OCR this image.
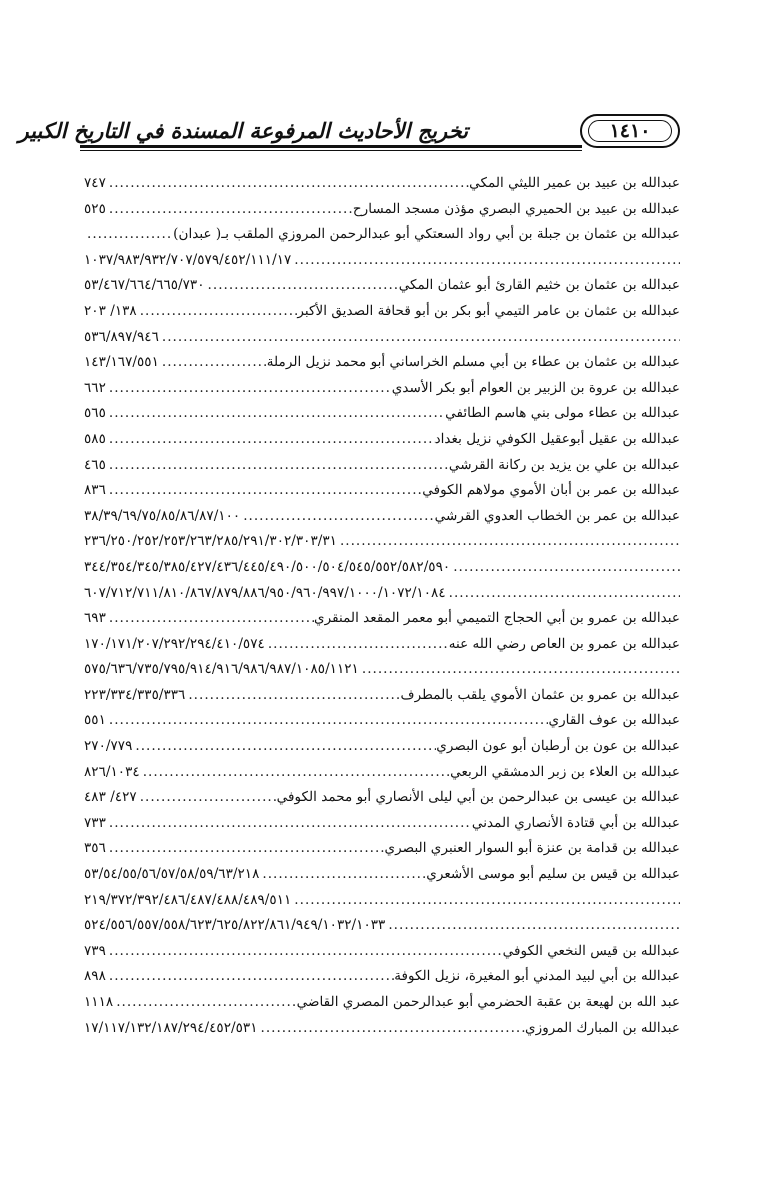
١٤١٠
تخريج الأحاديث المرفوعة المسندة في التاريخ الكبير
عبدالله بن عبيد بن عمير الليثي المكي
.....
٧٤٧
عبدالله بن عبيد بن الحميري البصري مؤذن مسجد المسارح
.....
٥٢٥
عبدالله بن عثمان بن جبلة بن أبي رواد السعتكي أبو عبدالرحمن المروزي الملقب بـ( عبدان)
.....
.....
١٠٣٧/٩٨٣/٩٣٢/٧٠٧/٥٧٩/٤٥٢/١١١/١٧
عبدالله بن عثمان بن خثيم القارئ أبو عثمان المكي
.....
٥٣/٤٦٧/٦٦٤/٦٦٥/٧٣٠
عبدالله بن عثمان بن عامر التيمي أبو بكر بن أبو قحافة الصديق الأكبر
.....
١٣٨/ ٢٠٣
.....
٥٣٦/٨٩٧/٩٤٦
عبدالله بن عثمان بن عطاء بن أبي مسلم الخراساني أبو محمد نزيل الرملة
.....
١٤٣/١٦٧/٥٥١
عبدالله بن عروة بن الزبير بن العوام أبو بكر الأسدي
.....
٦٦٢
عبدالله بن عطاء مولى بني هاسم الطائفي
.....
٥٦٥
عبدالله بن عقيل أبوعقيل الكوفي نزيل بغداد
.....
٥٨٥
عبدالله بن علي بن يزيد بن ركانة القرشي
.....
٤٦٥
عبدالله بن عمر بن أبان الأموي مولاهم الكوفي
.....
٨٣٦
عبدالله بن عمر بن الخطاب العدوي القرشي
.....
٣٨/٣٩/٦٩/٧٥/٨٥/٨٦/٨٧/١٠٠
.....
٢٣٦/٢٥٠/٢٥٢/٢٥٣/٢٦٣/٢٨٥/٢٩١/٣٠٢/٣٠٣/٣١
.....
٣٤٤/٣٥٤/٣٤٥/٣٨٥/٤٢٧/٤٣٦/٤٤٥/٤٩٠/٥٠٠/٥٠٤/٥٤٥/٥٥٢/٥٨٢/٥٩٠
.....
٦٠٧/٧١٢/٧١١/٨١٠/٨٦٧/٨٧٩/٨٨٦/٩٥٠/٩٦٠/٩٩٧/١٠٠٠/١٠٧٢/١٠٨٤
عبدالله بن عمرو بن أبي الحجاج التميمي أبو معمر المقعد المنقري
.....
٦٩٣
عبدالله بن عمرو بن العاص رضي الله عنه
.....
١٧٠/١٧١/٢٠٧/٢٩٢/٢٩٤/٤١٠/٥٧٤
.....
٥٧٥/٦٣٦/٧٣٥/٧٩٥/٩١٤/٩١٦/٩٨٦/٩٨٧/١٠٨٥/١١٢١
عبدالله بن عمرو بن عثمان الأموي يلقب بالمطرف
.....
٢٢٣/٣٣٤/٣٣٥/٣٣٦
عبدالله بن عوف القاري
.....
٥٥١
عبدالله بن عون بن أرطبان أبو عون البصري
.....
٢٧٠/٧٧٩
عبدالله بن العلاء بن زبر الدمشقي الربعي
.....
٨٢٦/١٠٣٤
عبدالله بن عيسى بن عبدالرحمن بن أبي ليلى الأنصاري أبو محمد الكوفي
.....
٤٢٧/ ٤٨٣
عبدالله بن أبي قتادة الأنصاري المدني
.....
٧٣٣
عبدالله بن قدامة بن عنزة أبو السوار العنبري البصري
.....
٣٥٦
عبدالله بن قيس بن سليم أبو موسى الأشعري
.....
٥٣/٥٤/٥٥/٥٦/٥٧/٥٨/٥٩/٦٣/٢١٨
.....
٢١٩/٣٧٢/٣٩٢/٤٨٦/٤٨٧/٤٨٨/٤٨٩/٥١١
.....
٥٢٤/٥٥٦/٥٥٧/٥٥٨/٦٢٣/٦٢٥/٨٢٢/٨٦١/٩٤٩/١٠٣٢/١٠٣٣
عبدالله بن قيس النخعي الكوفي
.....
٧٣٩
عبدالله بن أبي لبيد المدني أبو المغيرة، نزيل الكوفة
.....
٨٩٨
عبد الله بن لهيعة بن عقبة الحضرمي أبو عبدالرحمن المصري القاضي
.....
١١١٨
عبدالله بن المبارك المروزي
.....
١٧/١١٧/١٣٢/١٨٧/٢٩٤/٤٥٢/٥٣١
